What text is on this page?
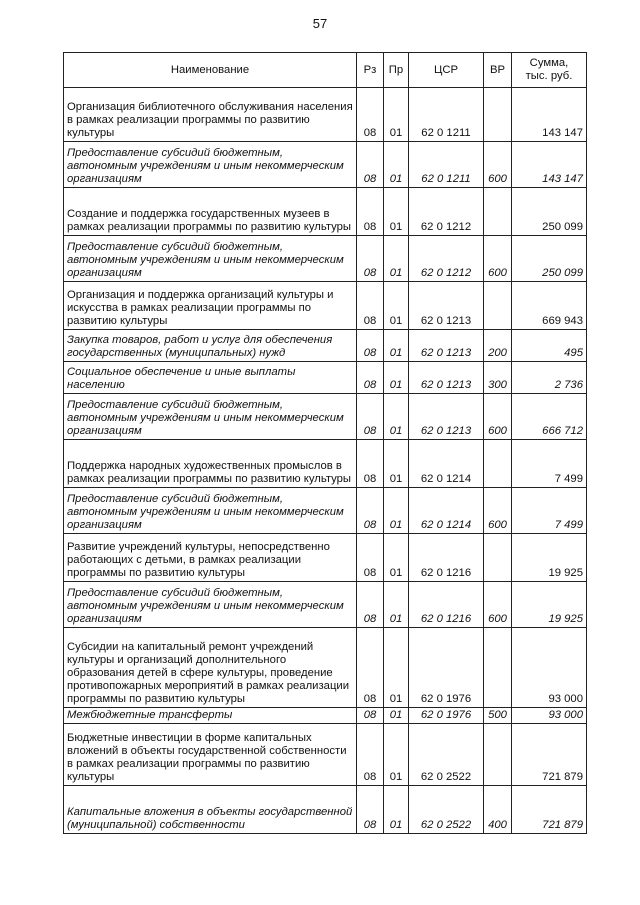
57
Наименование	Рз	Пр	ЦСР	ВР	Сумма,
тыс. руб.
Организация библиотечного обслуживания населения в рамках реализации программы по развитию культуры	08	01	62 0 1211		143 147
Предоставление субсидий бюджетным, автономным учреждениям и иным некоммерческим организациям	08	01	62 0 1211	600	143 147
Создание и поддержка государственных музеев в рамках реализации программы по развитию культуры	08	01	62 0 1212		250 099
Предоставление субсидий бюджетным, автономным учреждениям и иным некоммерческим организациям	08	01	62 0 1212	600	250 099
Организация и поддержка организаций культуры и искусства в рамках реализации программы по развитию культуры	08	01	62 0 1213		669 943
Закупка товаров, работ и услуг для обеспечения государственных (муниципальных) нужд	08	01	62 0 1213	200	495
Социальное обеспечение и иные выплаты населению	08	01	62 0 1213	300	2 736
Предоставление субсидий бюджетным, автономным учреждениям и иным некоммерческим организациям	08	01	62 0 1213	600	666 712
Поддержка народных художественных промыслов в рамках реализации программы по развитию культуры	08	01	62 0 1214		7 499
Предоставление субсидий бюджетным, автономным учреждениям и иным некоммерческим организациям	08	01	62 0 1214	600	7 499
Развитие учреждений культуры, непосредственно работающих с детьми, в рамках реализации программы по развитию культуры	08	01	62 0 1216		19 925
Предоставление субсидий бюджетным, автономным учреждениям и иным некоммерческим организациям	08	01	62 0 1216	600	19 925
Субсидии на капитальный ремонт учреждений культуры и организаций дополнительного образования детей в сфере культуры, проведение противопожарных мероприятий в рамках реализации программы по развитию культуры	08	01	62 0 1976		93 000
Межбюджетные трансферты	08	01	62 0 1976	500	93 000
Бюджетные инвестиции в форме капитальных вложений в объекты государственной собственности в рамках реализации программы по развитию культуры	08	01	62 0 2522		721 879
Капитальные вложения в объекты государственной (муниципальной) собственности	08	01	62 0 2522	400	721 879
